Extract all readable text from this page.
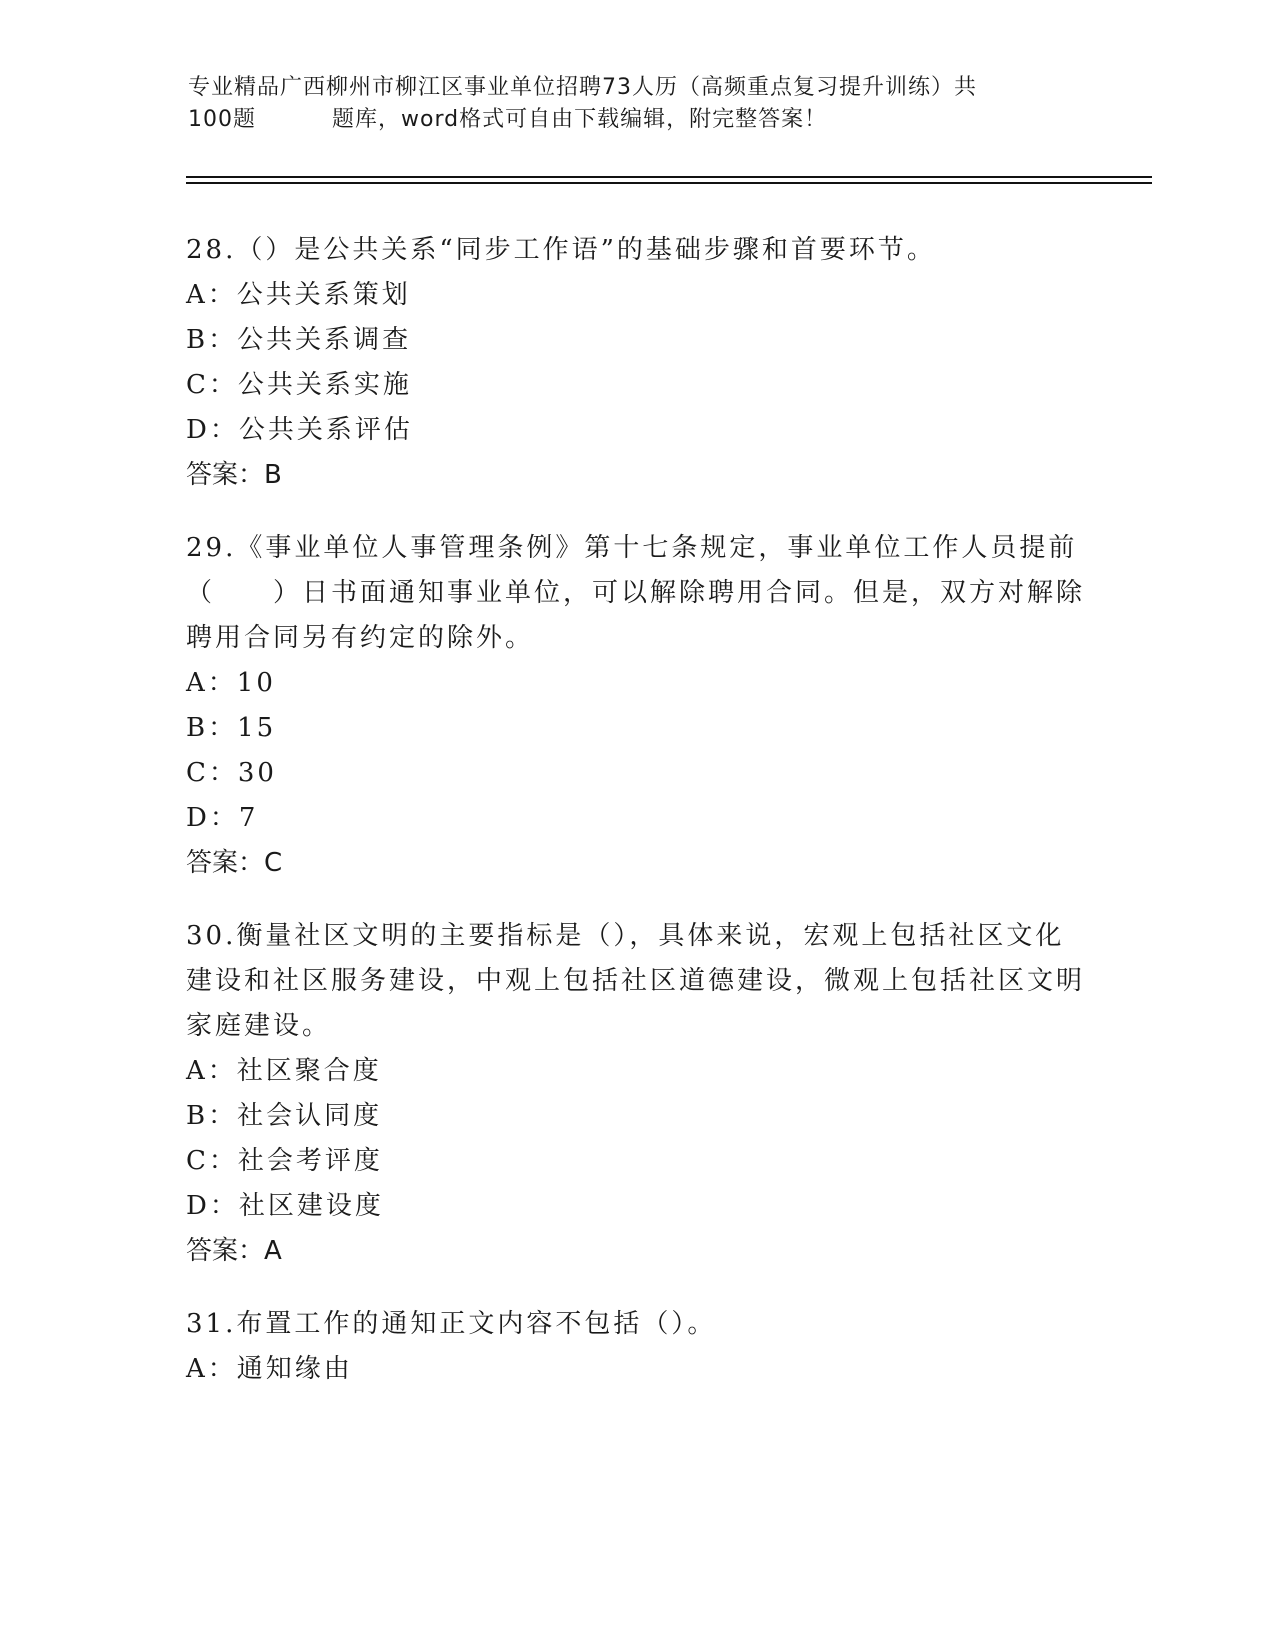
专业精品广西柳州市柳江区事业单位招聘73人历（高频重点复习提升训练）共
100题	题库，word格式可自由下载编辑，附完整答案！

28.（）是公共关系“同步工作语”的基础步骤和首要环节。

A：公共关系策划

B：公共关系调查

C：公共关系实施

D：公共关系评估

答案：B

29.《事业单位人事管理条例》第十七条规定，事业单位工作人员提前（　　）日书面通知事业单位，可以解除聘用合同。但是，双方对解除聘用合同另有约定的除外。

A：10

B：15

C：30

D：7

答案：C

30.衡量社区文明的主要指标是（），具体来说，宏观上包括社区文化建设和社区服务建设，中观上包括社区道德建设，微观上包括社区文明家庭建设。

A：社区聚合度

B：社会认同度

C：社会考评度

D：社区建设度

答案：A

31.布置工作的通知正文内容不包括（）。

A：通知缘由
